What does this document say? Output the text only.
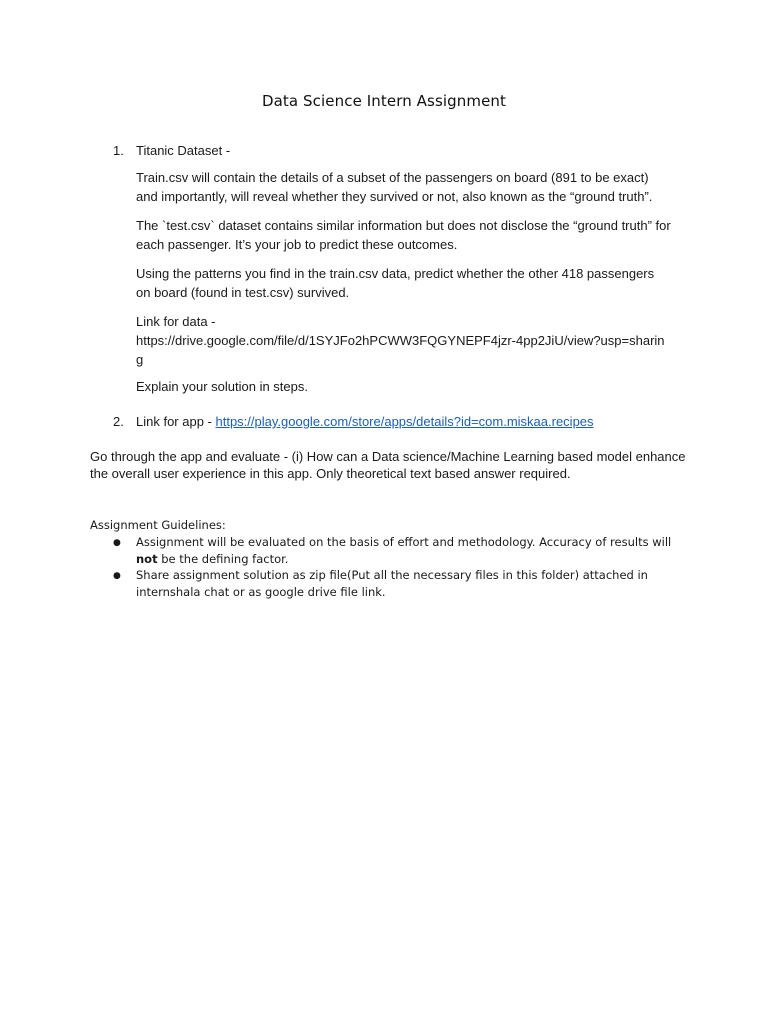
Data Science Intern Assignment
1. Titanic Dataset -
Train.csv will contain the details of a subset of the passengers on board (891 to be exact)
and importantly, will reveal whether they survived or not, also known as the “ground truth”.
The `test.csv` dataset contains similar information but does not disclose the “ground truth” for
each passenger. It’s your job to predict these outcomes.
Using the patterns you find in the train.csv data, predict whether the other 418 passengers
on board (found in test.csv) survived.
Link for data -
https://drive.google.com/file/d/1SYJFo2hPCWW3FQGYNEPF4jzr-4pp2JiU/view?usp=sharin
g
Explain your solution in steps.
2. Link for app - https://play.google.com/store/apps/details?id=com.miskaa.recipes
Go through the app and evaluate - (i) How can a Data science/Machine Learning based model enhance
the overall user experience in this app. Only theoretical text based answer required.
Assignment Guidelines:
● Assignment will be evaluated on the basis of effort and methodology. Accuracy of results will
not be the defining factor.
● Share assignment solution as zip file(Put all the necessary files in this folder) attached in
internshala chat or as google drive file link.
